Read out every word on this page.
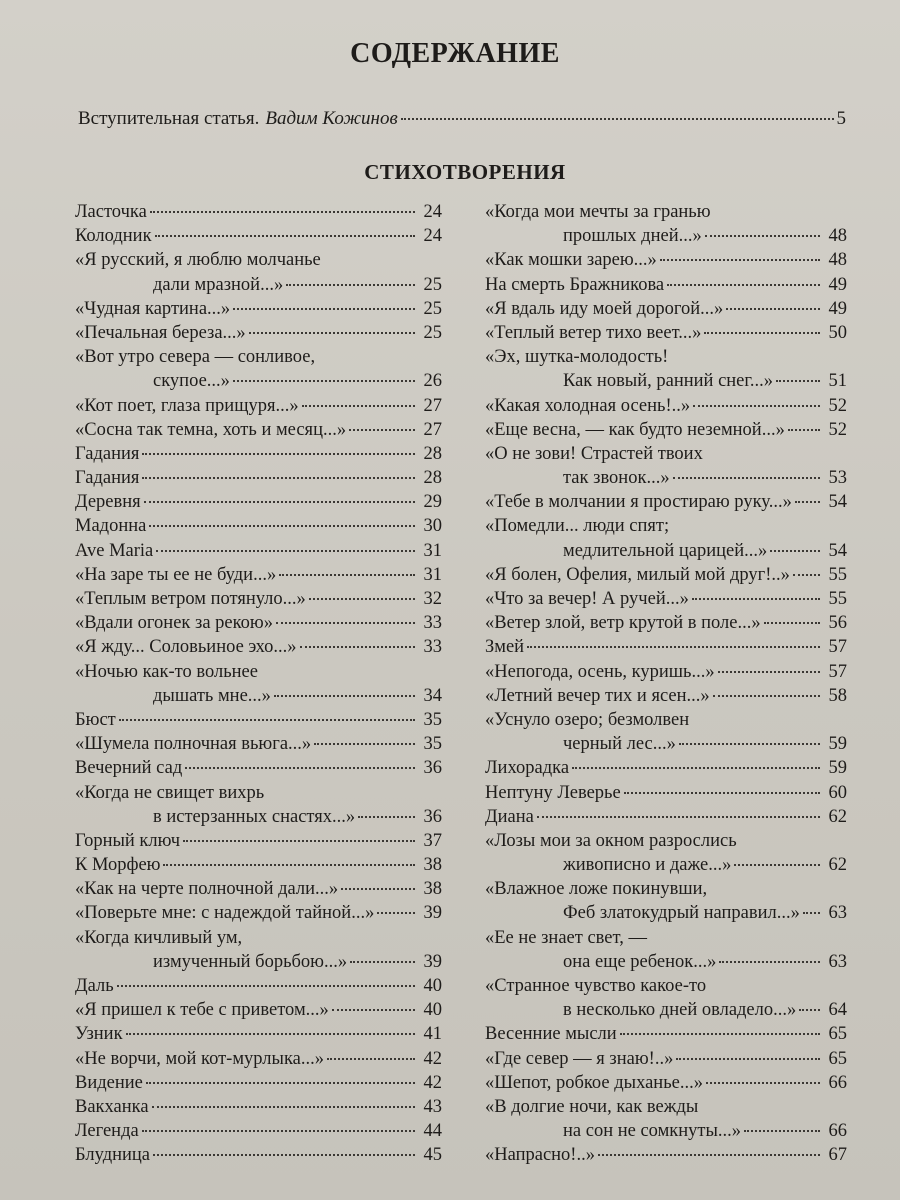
СОДЕРЖАНИЕ
Вступительная статья. Вадим Кожинов	5
СТИХОТВОРЕНИЯ
Ласточка	24
Колодник	24
«Я русский, я люблю молчанье
дали мразной...»	25
«Чудная картина...»	25
«Печальная береза...»	25
«Вот утро севера — сонливое,
скупое...»	26
«Кот поет, глаза прищуря...»	27
«Сосна так темна, хоть и месяц...»	27
Гадания	28
Гадания	28
Деревня	29
Мадонна	30
Ave Maria	31
«На заре ты ее не буди...»	31
«Теплым ветром потянуло...»	32
«Вдали огонек за рекою»	33
«Я жду... Соловьиное эхо...»	33
«Ночью как-то вольнее
дышать мне...»	34
Бюст	35
«Шумела полночная вьюга...»	35
Вечерний сад	36
«Когда не свищет вихрь
в истерзанных снастях...»	36
Горный ключ	37
К Морфею	38
«Как на черте полночной дали...»	38
«Поверьте мне: с надеждой тайной...»	39
«Когда кичливый ум,
измученный борьбою...»	39
Даль	40
«Я пришел к тебе с приветом...»	40
Узник	41
«Не ворчи, мой кот-мурлыка...»	42
Видение	42
Вакханка	43
Легенда	44
Блудница	45
«Когда мои мечты за гранью
прошлых дней...»	48
«Как мошки зарею...»	48
На смерть Бражникова	49
«Я вдаль иду моей дорогой...»	49
«Теплый ветер тихо веет...»	50
«Эх, шутка-молодость!
Как новый, ранний снег...»	51
«Какая холодная осень!..»	52
«Еще весна, — как будто неземной...» 52
«О не зови! Страстей твоих
так звонок...»	53
«Тебе в молчании я простираю руку...» 54
«Помедли... люди спят;
медлительной царицей...»	54
«Я болен, Офелия, милый мой друг!..» 55
«Что за вечер! А ручей...»	55
«Ветер злой, ветр крутой в поле...»	56
Змей	57
«Непогода, осень, куришь...»	57
«Летний вечер тих и ясен...»	58
«Уснуло озеро; безмолвен
черный лес...»	59
Лихорадка	59
Нептуну Леверье	60
Диана	62
«Лозы мои за окном разрослись
живописно и даже...»	62
«Влажное ложе покинувши,
Феб златокудрый направил...» 63
«Ее не знает свет, —
она еще ребенок...»	63
«Странное чувство какое-то
в несколько дней овладело...» 64
Весенние мысли	65
«Где север — я знаю!..»	65
«Шепот, робкое дыханье...»	66
«В долгие ночи, как вежды
на сон не сомкнуты...»	66
«Напрасно!..»	67
